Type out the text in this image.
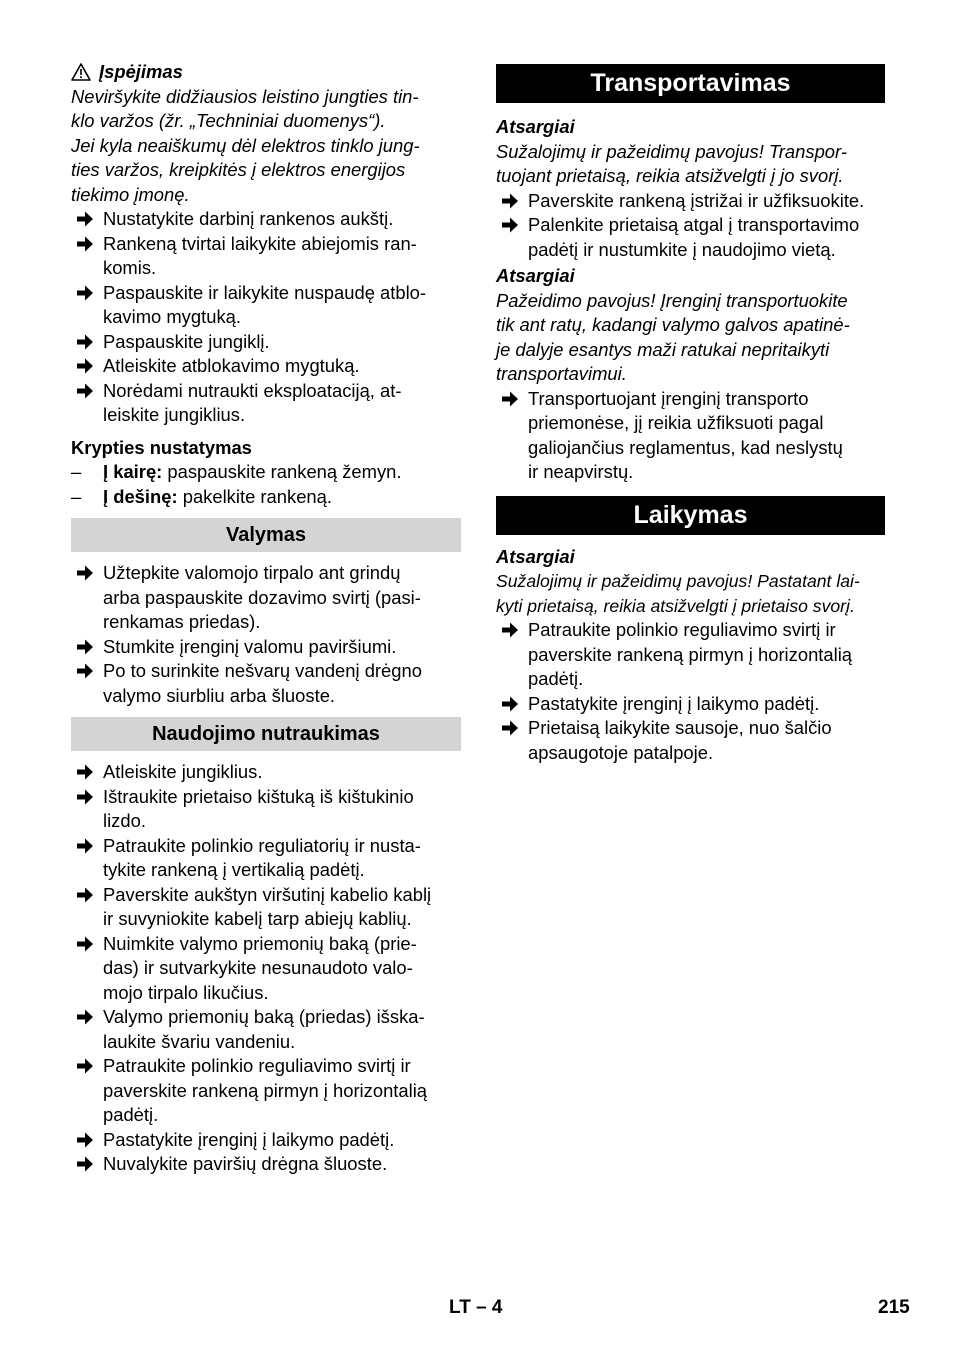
Įspėjimas

Neviršykite didžiausios leistino jungties tin-
klo varžos (žr. „Techniniai duomenys“).
Jei kyla neaiškumų dėl elektros tinklo jung-
ties varžos, kreipkitės į elektros energijos
tiekimo įmonę.

Nustatykite darbinį rankenos aukštį.
Rankeną tvirtai laikykite abiejomis ran-
komis.
Paspauskite ir laikykite nuspaudę atblo-
kavimo mygtuką.
Paspauskite jungiklį.
Atleiskite atblokavimo mygtuką.
Norėdami nutraukti eksploataciją, at-
leiskite jungiklius.
Krypties nustatymas
– Į kairę: paspauskite rankeną žemyn.
– Į dešinę: pakelkite rankeną.
Valymas
Užtepkite valomojo tirpalo ant grindų
arba paspauskite dozavimo svirtį (pasi-
renkamas priedas).
Stumkite įrenginį valomu paviršiumi.
Po to surinkite nešvarų vandenį drėgno
valymo siurbliu arba šluoste.
Naudojimo nutraukimas
Atleiskite jungiklius.
Ištraukite prietaiso kištuką iš kištukinio
lizdo.
Patraukite polinkio reguliatorių ir nusta-
tykite rankeną į vertikalią padėtį.
Paverskite aukštyn viršutinį kabelio kablį
ir suvyniokite kabelį tarp abiejų kablių.
Nuimkite valymo priemonių baką (prie-
das) ir sutvarkykite nesunaudoto valo-
mojo tirpalo likučius.
Valymo priemonių baką (priedas) išska-
laukite švariu vandeniu.
Patraukite polinkio reguliavimo svirtį ir
paverskite rankeną pirmyn į horizontalią
padėtį.
Pastatykite įrenginį į laikymo padėtį.
Nuvalykite paviršių drėgna šluoste.
Transportavimas
Atsargiai

Sužalojimų ir pažeidimų pavojus! Transpor-
tuojant prietaisą, reikia atsižvelgti į jo svorį.

Paverskite rankeną įstrižai ir užfiksuokite.
Palenkite prietaisą atgal į transportavimo
padėtį ir nustumkite į naudojimo vietą.
Atsargiai

Pažeidimo pavojus! Įrenginį transportuokite
tik ant ratų, kadangi valymo galvos apatinė-
je dalyje esantys maži ratukai nepritaikyti
transportavimui.

Transportuojant įrenginį transporto
priemonėse, jį reikia užfiksuoti pagal
galiojančius reglamentus, kad neslystų
ir neapvirstų.
Laikymas
Atsargiai

Sužalojimų ir pažeidimų pavojus! Pastatant lai-
kyti prietaisą, reikia atsižvelgti į prietaiso svorį.

Patraukite polinkio reguliavimo svirtį ir
paverskite rankeną pirmyn į horizontalią
padėtį.
Pastatykite įrenginį į laikymo padėtį.
Prietaisą laikykite sausoje, nuo šalčio
apsaugotoje patalpoje.
LT – 4	215
